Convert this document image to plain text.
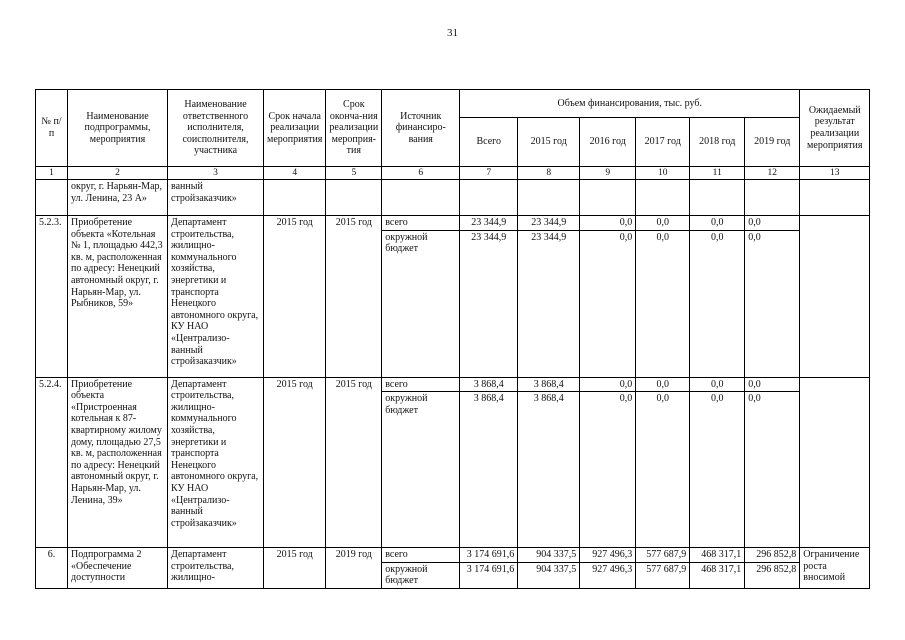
31
№ п/п	Наименование подпрограммы, мероприятия	Наименование ответственного исполнителя, соисполнителя, участника	Срок начала реализации мероприятия	Срок оконча-ния реализации мероприя-тия	Источник финансиро-вания	Объем финансирования, тыс. руб.						Ожидаемый результат реализации мероприятия
						Всего	2015 год	2016 год	2017 год	2018 год	2019 год	
1	2	3	4	5	6	7	8	9	10	11	12	13
	округ, г. Нарьян-Мар, ул. Ленина, 23 А»	ванный стройзаказчик»										
5.2.3.	Приобретение объекта «Котельная № 1, площадью 442,3 кв. м, расположенная по адресу: Ненецкий автономный округ, г. Нарьян-Мар, ул. Рыбников, 59»	Департамент строительства, жилищно-коммунального хозяйства, энергетики и транспорта Ненецкого автономного округа, КУ НАО «Централизо-ванный стройзаказчик»	2015 год	2015 год	всего	23 344,9	23 344,9	0,0	0,0	0,0	0,0	
					окружной бюджет	23 344,9	23 344,9	0,0	0,0	0,0	0,0	
5.2.4.	Приобретение объекта «Пристроенная котельная к 87-квартирному жилому дому, площадью 27,5 кв. м, расположенная по адресу: Ненецкий автономный округ, г. Нарьян-Мар, ул. Ленина, 39»	Департамент строительства, жилищно-коммунального хозяйства, энергетики и транспорта Ненецкого автономного округа, КУ НАО «Централизо-ванный стройзаказчик»	2015 год	2015 год	всего	3 868,4	3 868,4	0,0	0,0	0,0	0,0	
					окружной бюджет	3 868,4	3 868,4	0,0	0,0	0,0	0,0	
6.	Подпрограмма 2 «Обеспечение доступности	Департамент строительства, жилищно-	2015 год	2019 год	всего	3 174 691,6	904 337,5	927 496,3	577 687,9	468 317,1	296 852,8	Ограничение роста вносимой
					окружной бюджет	3 174 691,6	904 337,5	927 496,3	577 687,9	468 317,1	296 852,8	
